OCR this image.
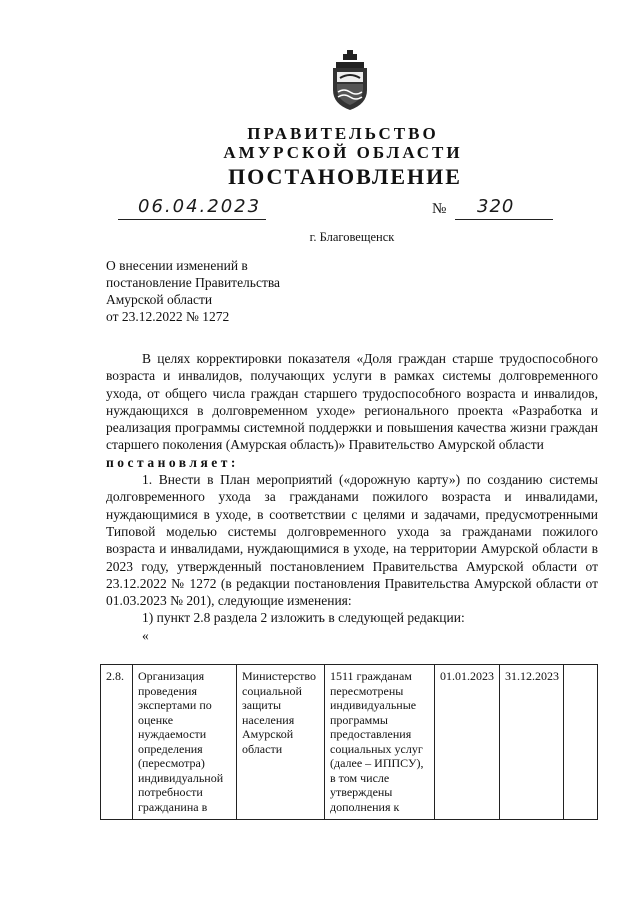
ПРАВИТЕЛЬСТВО
АМУРСКОЙ ОБЛАСТИ
ПОСТАНОВЛЕНИЕ
06.04.2023	№ 320
г. Благовещенск
О внесении изменений в
постановление Правительства
Амурской области
от 23.12.2022 № 1272

В целях корректировки показателя «Доля граждан старше трудоспособного возраста и инвалидов, получающих услуги в рамках системы долговременного ухода, от общего числа граждан старшего трудоспособного возраста и инвалидов, нуждающихся в долговременном уходе» регионального проекта «Разработка и реализация программы системной поддержки и повышения качества жизни граждан старшего поколения (Амурская область)» Правительство Амурской области

постановляет:

1. Внести в План мероприятий («дорожную карту») по созданию системы долговременного ухода за гражданами пожилого возраста и инвалидами, нуждающимися в уходе, в соответствии с целями и задачами, предусмотренными Типовой моделью системы долговременного ухода за гражданами пожилого возраста и инвалидами, нуждающимися в уходе, на территории Амурской области в 2023 году, утвержденный постановлением Правительства Амурской области от 23.12.2022 № 1272 (в редакции постановления Правительства Амурской области от 01.03.2023 № 201), следующие изменения:

1) пункт 2.8 раздела 2 изложить в следующей редакции:

«

2.8.	Организация проведения экспертами по оценке нуждаемости определения (пересмотра) индивидуальной потребности гражданина в	Министерство социальной защиты населения Амурской области	1511 гражданам пересмотрены индивидуальные программы предоставления социальных услуг (далее – ИППСУ), в том числе утверждены дополнения к	01.01.2023	31.12.2023	
